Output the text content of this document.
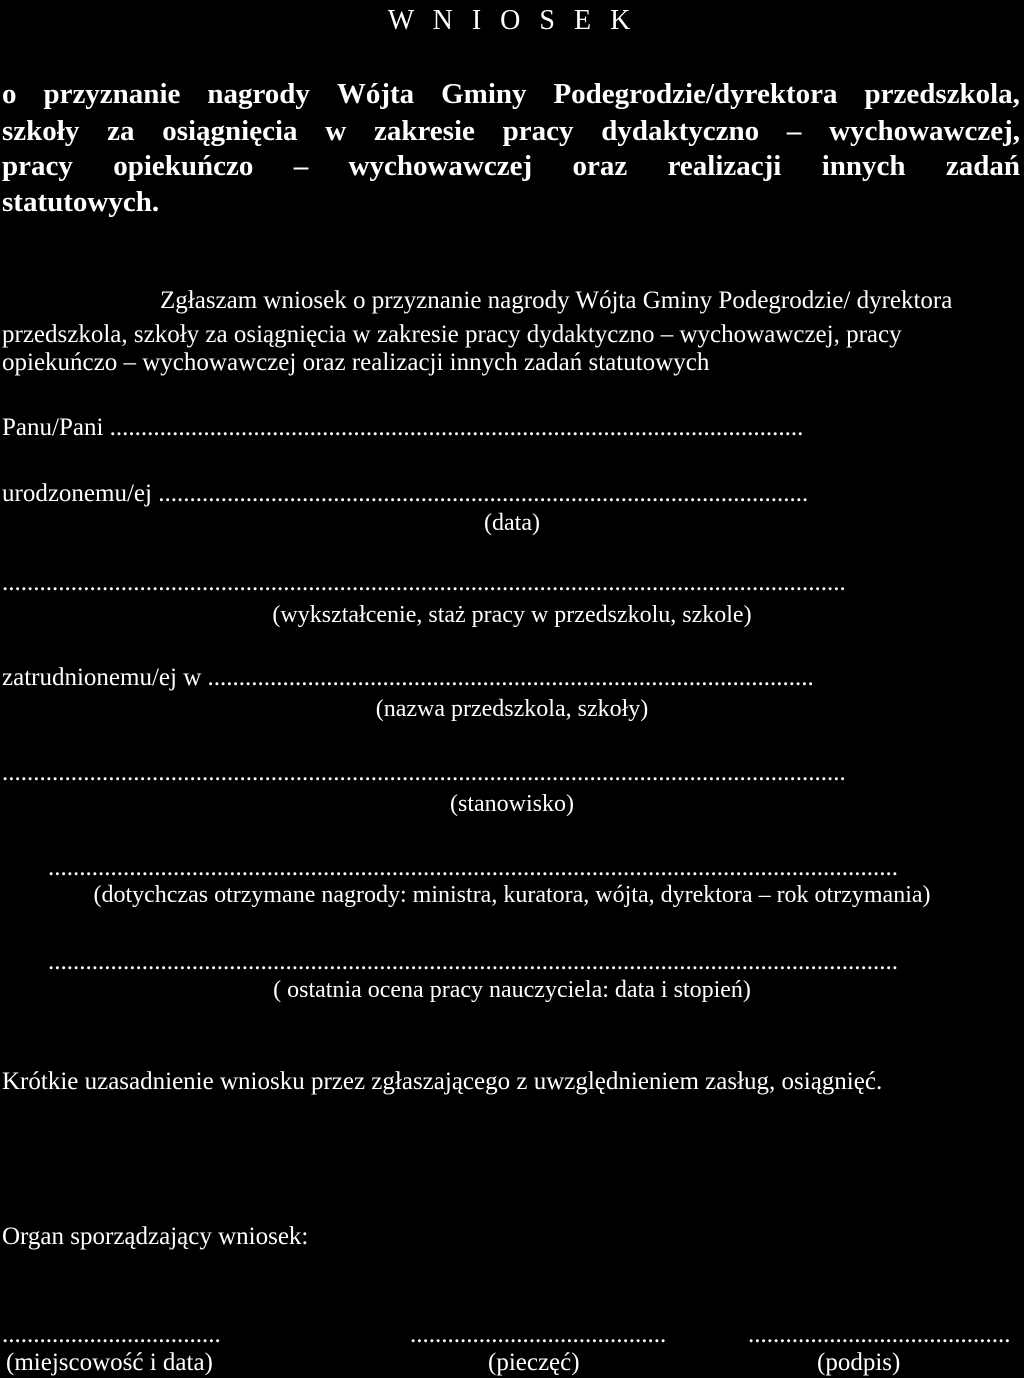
W N I O S E K
o przyznanie nagrody Wójta Gminy Podegrodzie/dyrektora przedszkola,
szkoły za osiągnięcia w zakresie pracy dydaktyczno – wychowawczej,
pracy opiekuńczo – wychowawczej oraz realizacji innych zadań
statutowych.
Zgłaszam wniosek o przyznanie nagrody Wójta Gminy Podegrodzie/ dyrektora
przedszkola, szkoły za osiągnięcia w zakresie pracy dydaktyczno – wychowawczej, pracy
opiekuńczo – wychowawczej oraz realizacji innych zadań statutowych
Panu/Pani ...............................................................................................................
urodzonemu/ej ........................................................................................................
(data)
.......................................................................................................................................
(wykształcenie, staż pracy w przedszkolu, szkole)
zatrudnionemu/ej w .................................................................................................
(nazwa przedszkola, szkoły)
.......................................................................................................................................
(stanowisko)
........................................................................................................................................
(dotychczas otrzymane nagrody: ministra, kuratora, wójta, dyrektora – rok otrzymania)
........................................................................................................................................
( ostatnia ocena pracy nauczyciela: data i stopień)
Krótkie uzasadnienie wniosku przez zgłaszającego z uwzględnieniem zasług, osiągnięć.
Organ sporządzający wniosek:
...................................
(miejscowość i data)
.........................................
(pieczęć)
..........................................
(podpis)
